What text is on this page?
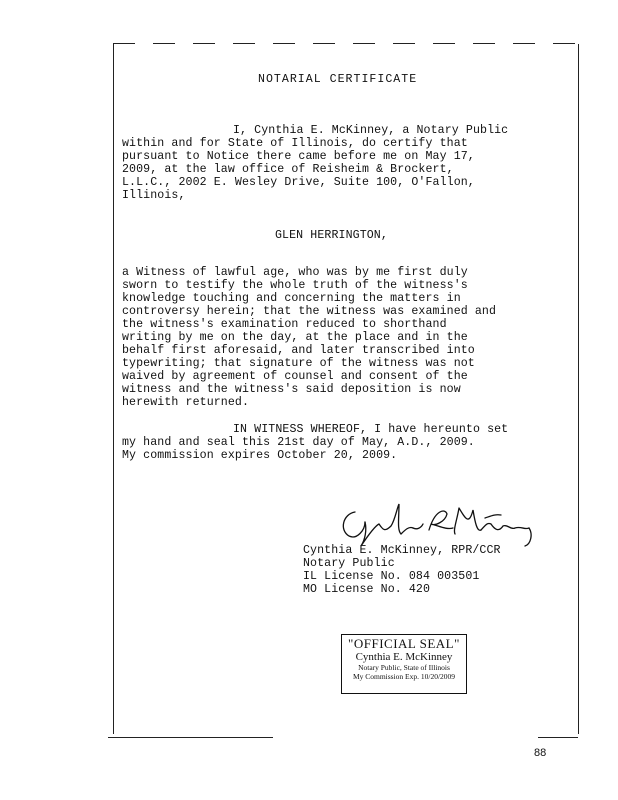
NOTARIAL CERTIFICATE
I, Cynthia E. McKinney, a Notary Public
within and for State of Illinois, do certify that
pursuant to Notice there came before me on May 17,
2009, at the law office of Reisheim & Brockert,
L.L.C., 2002 E. Wesley Drive, Suite 100, O'Fallon,
Illinois,
GLEN HERRINGTON,
a Witness of lawful age, who was by me first duly
sworn to testify the whole truth of the witness's
knowledge touching and concerning the matters in
controversy herein; that the witness was examined and
the witness's examination reduced to shorthand
writing by me on the day, at the place and in the
behalf first aforesaid, and later transcribed into
typewriting; that signature of the witness was not
waived by agreement of counsel and consent of the
witness and the witness's said deposition is now
herewith returned.
IN WITNESS WHEREOF, I have hereunto set
my hand and seal this 21st day of May, A.D., 2009.
My commission expires October 20, 2009.
Cynthia E. McKinney, RPR/CCR
Notary Public
IL License No. 084 003501
MO License No. 420
"OFFICIAL SEAL"
Cynthia E. McKinney
Notary Public, State of Illinois
My Commission Exp. 10/20/2009
88
